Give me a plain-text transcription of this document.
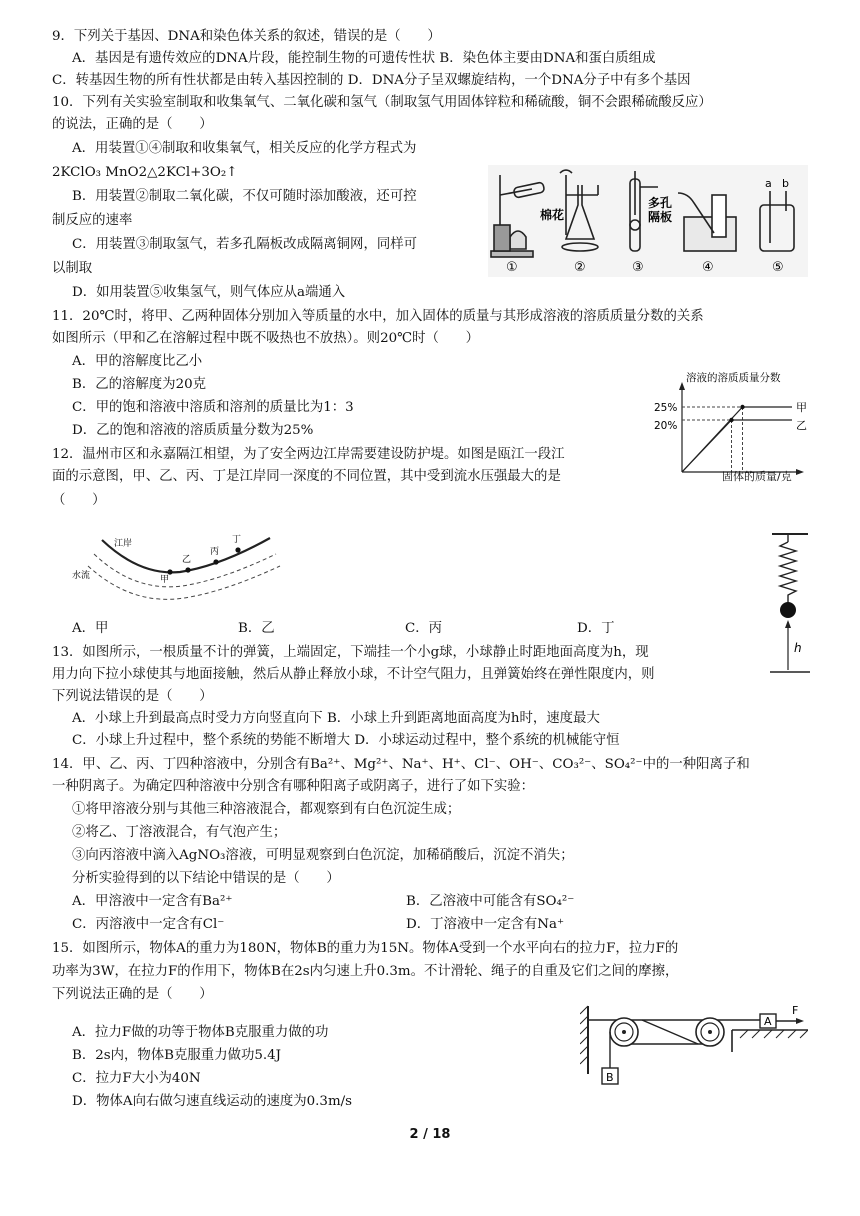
9．下列关于基因、DNA和染色体关系的叙述，错误的是（　　）
A．基因是有遗传效应的DNA片段，能控制生物的可遗传性状 B．染色体主要由DNA和蛋白质组成
C．转基因生物的所有性状都是由转入基因控制的 D．DNA分子呈双螺旋结构，一个DNA分子中有多个基因
10．下列有关实验室制取和收集氧气、二氧化碳和氢气（制取氢气用固体锌粒和稀硫酸，铜不会跟稀硫酸反应）
的说法，正确的是（　　）
A．用装置①④制取和收集氧气，相关反应的化学方程式为
2KClO₃ MnO2△2KCl+3O₂↑
B．用装置②制取二氧化碳，不仅可随时添加酸液，还可控
制反应的速率
C．用装置③制取氢气，若多孔隔板改成隔离铜网，同样可
以制取
D．如用装置⑤收集氢气，则气体应从a端通入
棉花
多孔
隔板
a b
①	②	③	④	⑤
11．20℃时，将甲、乙两种固体分别加入等质量的水中，加入固体的质量与其形成溶液的溶质质量分数的关系
如图所示（甲和乙在溶解过程中既不吸热也不放热）。则20℃时（　　）
A．甲的溶解度比乙小
B．乙的溶解度为20克
C．甲的饱和溶液中溶质和溶剂的质量比为1：3
D．乙的饱和溶液的溶质质量分数为25%
溶液的溶质质量分数
25%
20%
甲
乙
固体的质量/克
12．温州市区和永嘉隔江相望，为了安全两边江岸需要建设防护堤。如图是瓯江一段江
面的示意图，甲、乙、丙、丁是江岸同一深度的不同位置，其中受到流水压强最大的是
（　　）
江岸
水流	甲
乙
丙
丁
A．甲	B．乙	C．丙	D．丁
h
13．如图所示，一根质量不计的弹簧，上端固定，下端挂一个小g球，小球静止时距地面高度为h，现
用力向下拉小球使其与地面接触，然后从静止释放小球，不计空气阻力，且弹簧始终在弹性限度内，则
下列说法错误的是（　　）
A．小球上升到最高点时受力方向竖直向下 B．小球上升到距离地面高度为h时，速度最大
C．小球上升过程中，整个系统的势能不断增大 D．小球运动过程中，整个系统的机械能守恒
14．甲、乙、丙、丁四种溶液中，分别含有Ba²⁺、Mg²⁺、Na⁺、H⁺、Cl⁻、OH⁻、CO₃²⁻、SO₄²⁻中的一种阳离子和
一种阴离子。为确定四种溶液中分别含有哪种阳离子或阴离子，进行了如下实验：
①将甲溶液分别与其他三种溶液混合，都观察到有白色沉淀生成；
②将乙、丁溶液混合，有气泡产生；
③向丙溶液中滴入AgNO₃溶液，可明显观察到白色沉淀，加稀硝酸后，沉淀不消失；
分析实验得到的以下结论中错误的是（　　）
A．甲溶液中一定含有Ba²⁺	B．乙溶液中可能含有SO₄²⁻
C．丙溶液中一定含有Cl⁻	D．丁溶液中一定含有Na⁺
15．如图所示，物体A的重力为180N，物体B的重力为15N。物体A受到一个水平向右的拉力F，拉力F的
功率为3W，在拉力F的作用下，物体B在2s内匀速上升0.3m。不计滑轮、绳子的自重及它们之间的摩擦，
下列说法正确的是（　　）
A．拉力F做的功等于物体B克服重力做的功
B．2s内，物体B克服重力做功5.4J
C．拉力F大小为40N
D．物体A向右做匀速直线运动的速度为0.3m/s
B
A
F
2 / 18
